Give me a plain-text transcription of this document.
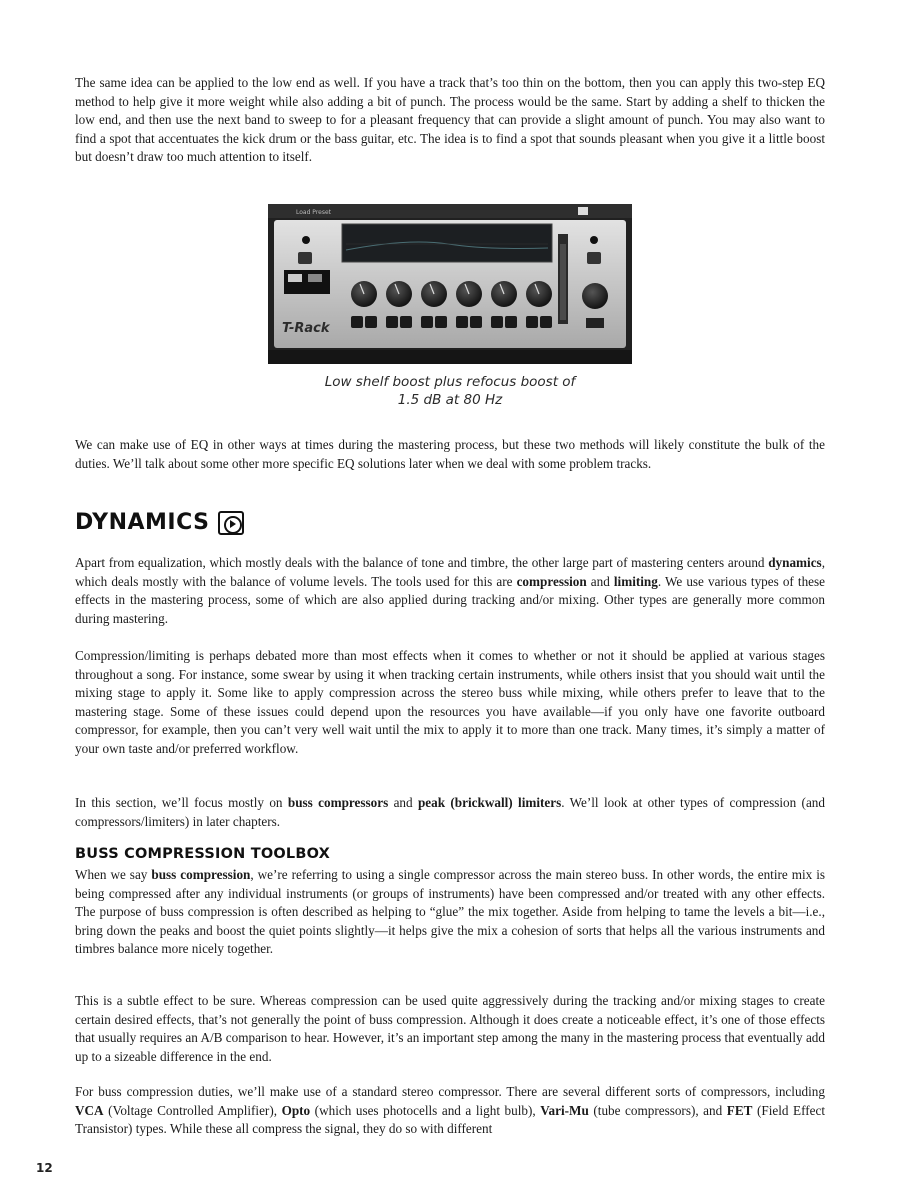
The same idea can be applied to the low end as well. If you have a track that’s too thin on the bottom, then you can apply this two-step EQ method to help give it more weight while also adding a bit of punch. The process would be the same. Start by adding a shelf to thicken the low end, and then use the next band to sweep to for a pleasant frequency that can provide a slight amount of punch. You may also want to find a spot that accentuates the kick drum or the bass guitar, etc. The idea is to find a spot that sounds pleasant when you give it a little boost but doesn’t draw too much attention to itself.

Load Preset
T-Rack

Low shelf boost plus refocus boost of

1.5 dB at 80 Hz

We can make use of EQ in other ways at times during the mastering process, but these two methods will likely constitute the bulk of the duties. We’ll talk about some other more specific EQ solutions later when we deal with some problem tracks.

DYNAMICS

Apart from equalization, which mostly deals with the balance of tone and timbre, the other large part of mastering centers around dynamics, which deals mostly with the balance of volume levels. The tools used for this are compression and limiting. We use various types of these effects in the mastering process, some of which are also applied during tracking and/or mixing. Other types are generally more common during mastering.

Compression/limiting is perhaps debated more than most effects when it comes to whether or not it should be applied at various stages throughout a song. For instance, some swear by using it when tracking certain instruments, while others insist that you should wait until the mixing stage to apply it. Some like to apply compression across the stereo buss while mixing, while others prefer to leave that to the mastering stage. Some of these issues could depend upon the resources you have available—if you only have one favorite outboard compressor, for example, then you can’t very well wait until the mix to apply it to more than one track. Many times, it’s simply a matter of your own taste and/or preferred workflow.

In this section, we’ll focus mostly on buss compressors and peak (brickwall) limiters. We’ll look at other types of compression (and compressors/limiters) in later chapters.

BUSS COMPRESSION TOOLBOX

When we say buss compression, we’re referring to using a single compressor across the main stereo buss. In other words, the entire mix is being compressed after any individual instruments (or groups of instruments) have been compressed and/or treated with any other effects. The purpose of buss compression is often described as helping to “glue” the mix together. Aside from helping to tame the levels a bit—i.e., bring down the peaks and boost the quiet points slightly—it helps give the mix a cohesion of sorts that helps all the various instruments and timbres balance more nicely together.

This is a subtle effect to be sure. Whereas compression can be used quite aggressively during the tracking and/or mixing stages to create certain desired effects, that’s not generally the point of buss compression. Although it does create a noticeable effect, it’s one of those effects that usually requires an A/B comparison to hear. However, it’s an important step among the many in the mastering process that eventually add up to a sizeable difference in the end.

For buss compression duties, we’ll make use of a standard stereo compressor. There are several different sorts of compressors, including VCA (Voltage Controlled Amplifier), Opto (which uses photocells and a light bulb), Vari-Mu (tube compressors), and FET (Field Effect Transistor) types. While these all compress the signal, they do so with different

12
